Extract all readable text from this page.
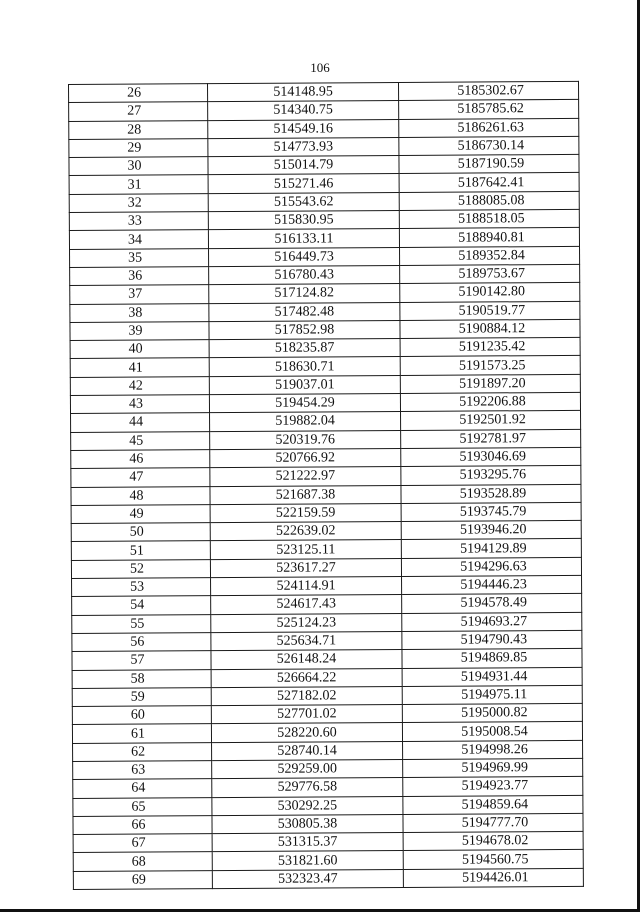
106
26	514148.95	5185302.67
27	514340.75	5185785.62
28	514549.16	5186261.63
29	514773.93	5186730.14
30	515014.79	5187190.59
31	515271.46	5187642.41
32	515543.62	5188085.08
33	515830.95	5188518.05
34	516133.11	5188940.81
35	516449.73	5189352.84
36	516780.43	5189753.67
37	517124.82	5190142.80
38	517482.48	5190519.77
39	517852.98	5190884.12
40	518235.87	5191235.42
41	518630.71	5191573.25
42	519037.01	5191897.20
43	519454.29	5192206.88
44	519882.04	5192501.92
45	520319.76	5192781.97
46	520766.92	5193046.69
47	521222.97	5193295.76
48	521687.38	5193528.89
49	522159.59	5193745.79
50	522639.02	5193946.20
51	523125.11	5194129.89
52	523617.27	5194296.63
53	524114.91	5194446.23
54	524617.43	5194578.49
55	525124.23	5194693.27
56	525634.71	5194790.43
57	526148.24	5194869.85
58	526664.22	5194931.44
59	527182.02	5194975.11
60	527701.02	5195000.82
61	528220.60	5195008.54
62	528740.14	5194998.26
63	529259.00	5194969.99
64	529776.58	5194923.77
65	530292.25	5194859.64
66	530805.38	5194777.70
67	531315.37	5194678.02
68	531821.60	5194560.75
69	532323.47	5194426.01
